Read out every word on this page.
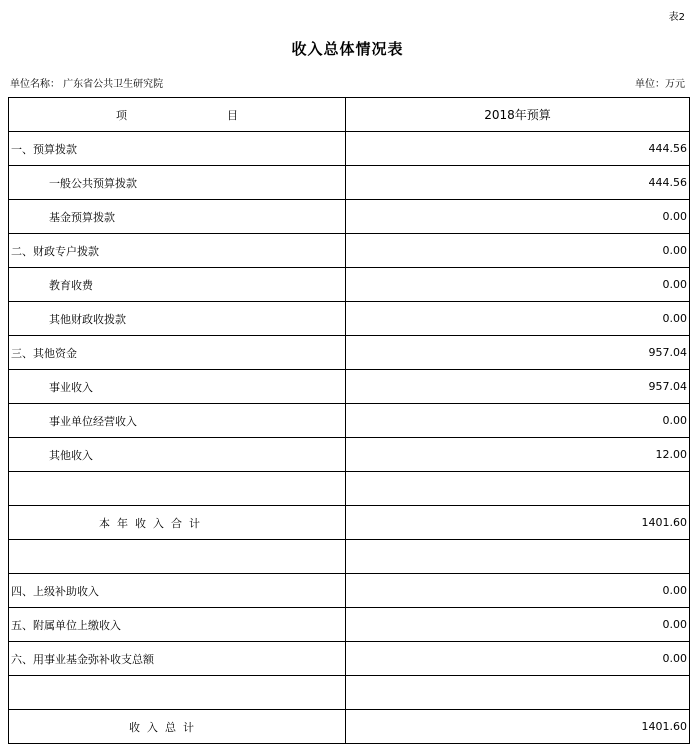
表2
收入总体情况表
单位名称： 广东省公共卫生研究院	单位：万元
项 目	2018年预算
一、预算拨款	444.56
一般公共预算拨款	444.56
基金预算拨款	0.00
二、财政专户拨款	0.00
教育收费	0.00
其他财政收拨款	0.00
三、其他资金	957.04
事业收入	957.04
事业单位经营收入	0.00
其他收入	12.00

本  年  收  入  合  计	1401.60

四、上级补助收入	0.00
五、附属单位上缴收入	0.00
六、用事业基金弥补收支总额	0.00

收  入  总  计	1401.60
